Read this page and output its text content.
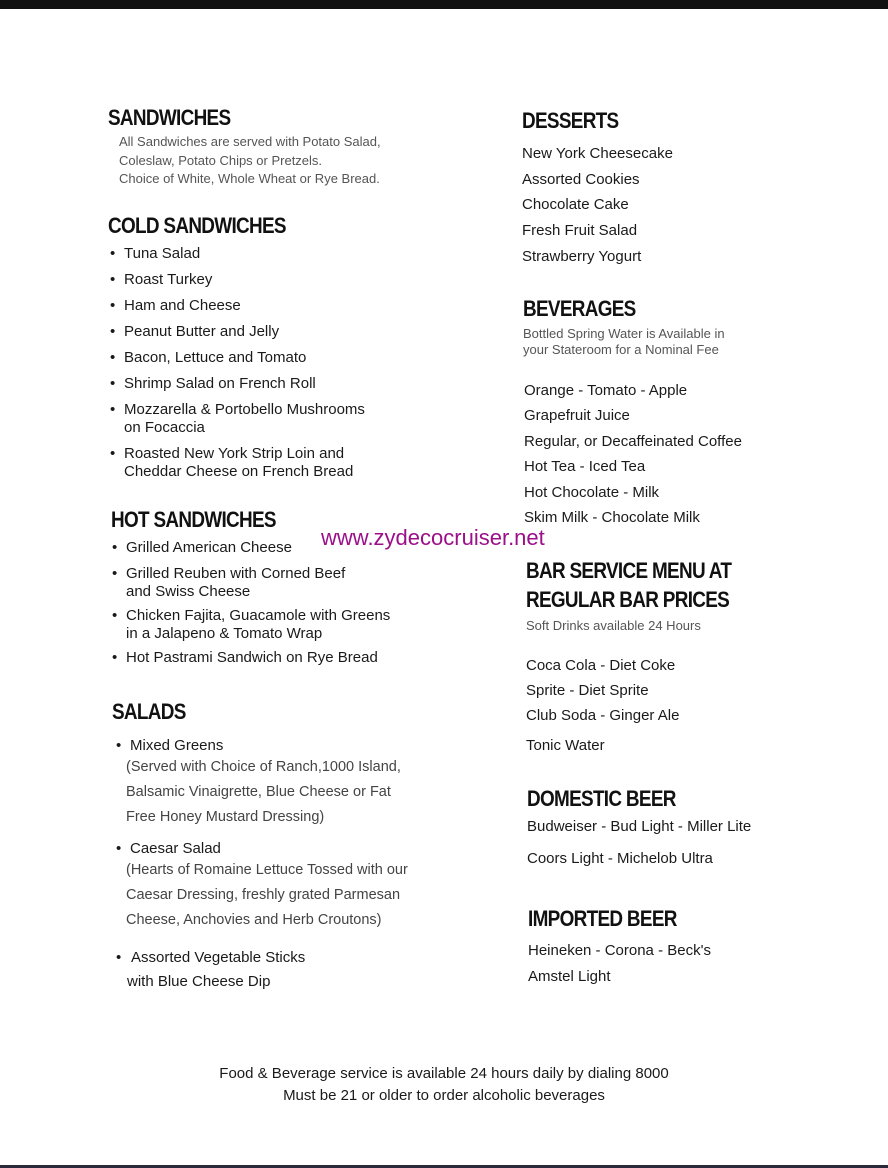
SANDWICHES
All Sandwiches are served with Potato Salad,
Coleslaw, Potato Chips or Pretzels.
Choice of White, Whole Wheat or Rye Bread.
COLD SANDWICHES
• Tuna Salad
• Roast Turkey
• Ham and Cheese
• Peanut Butter and Jelly
• Bacon, Lettuce and Tomato
• Shrimp Salad on French Roll
• Mozzarella & Portobello Mushrooms
on Focaccia
• Roasted New York Strip Loin and
Cheddar Cheese on French Bread
HOT SANDWICHES
• Grilled American Cheese
• Grilled Reuben with Corned Beef
and Swiss Cheese
• Chicken Fajita, Guacamole with Greens
in a Jalapeno & Tomato Wrap
• Hot Pastrami Sandwich on Rye Bread
SALADS
• Mixed Greens
(Served with Choice of Ranch,1000 Island,
Balsamic Vinaigrette, Blue Cheese or Fat
Free Honey Mustard Dressing)
• Caesar Salad
(Hearts of Romaine Lettuce Tossed with our
Caesar Dressing, freshly grated Parmesan
Cheese, Anchovies and Herb Croutons)
• Assorted Vegetable Sticks
with Blue Cheese Dip
DESSERTS
New York Cheesecake
Assorted Cookies
Chocolate Cake
Fresh Fruit Salad
Strawberry Yogurt
BEVERAGES
Bottled Spring Water is Available in
your Stateroom for a Nominal Fee
Orange - Tomato - Apple
Grapefruit Juice
Regular, or Decaffeinated Coffee
Hot Tea - Iced Tea
Hot Chocolate - Milk
Skim Milk - Chocolate Milk
www.zydecocruiser.net
BAR SERVICE MENU AT
REGULAR BAR PRICES
Soft Drinks available 24 Hours
Coca Cola - Diet Coke
Sprite - Diet Sprite
Club Soda - Ginger Ale
Tonic Water
DOMESTIC BEER
Budweiser - Bud Light - Miller Lite
Coors Light - Michelob Ultra
IMPORTED BEER
Heineken - Corona - Beck's
Amstel Light
Food & Beverage service is available 24 hours daily by dialing 8000
Must be 21 or older to order alcoholic beverages
